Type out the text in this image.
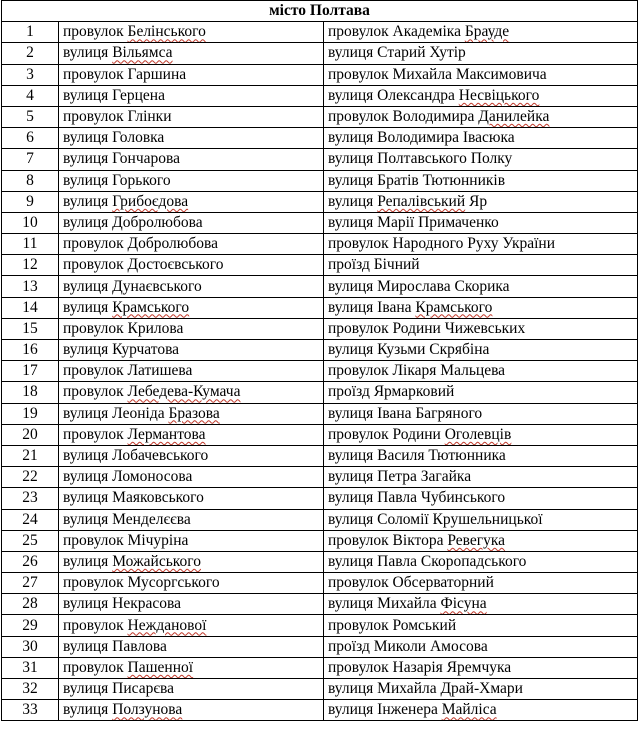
місто Полтава		
1	провулок Белінського	провулок Академіка Брауде
2	вулиця Вільямса	вулиця Старий Хутір
3	провулок Гаршина	провулок Михайла Максимовича
4	вулиця Герцена	вулиця Олександра Несвіцького
5	провулок Глінки	провулок Володимира Данилейка
6	вулиця Головка	вулиця Володимира Івасюка
7	вулиця Гончарова	вулиця Полтавського Полку
8	вулиця Горького	вулиця Братів Тютюнників
9	вулиця Грибоєдова	вулиця Репалівський Яр
10	вулиця Добролюбова	вулиця Марії Примаченко
11	провулок Добролюбова	провулок Народного Руху України
12	провулок Достоєвського	проїзд Бічний
13	вулиця Дунаєвського	вулиця Мирослава Скорика
14	вулиця Крамського	вулиця Івана Крамського
15	провулок Крилова	провулок Родини Чижевських
16	вулиця Курчатова	вулиця Кузьми Скрябіна
17	провулок Латишева	провулок Лікаря Мальцева
18	провулок Лебедева-Кумача	проїзд Ярмарковий
19	вулиця Леоніда Бразова	вулиця Івана Багряного
20	провулок Лермантова	провулок Родини Оголевців
21	вулиця Лобачевського	вулиця Василя Тютюнника
22	вулиця Ломоносова	вулиця Петра Загайка
23	вулиця Маяковського	вулиця Павла Чубинського
24	вулиця Менделєєва	вулиця Соломії Крушельницької
25	провулок Мічуріна	провулок Віктора Ревегука
26	вулиця Можайського	вулиця Павла Скоропадського
27	провулок Мусоргського	провулок Обсерваторний
28	вулиця Некрасова	вулиця Михайла Фісуна
29	провулок Нежданової	провулок Ромський
30	вулиця Павлова	проїзд Миколи Амосова
31	провулок Пашенної	провулок Назарія Яремчука
32	вулиця Писарєва	вулиця Михайла Драй-Хмари
33	вулиця Ползунова	вулиця Інженера Майліса
